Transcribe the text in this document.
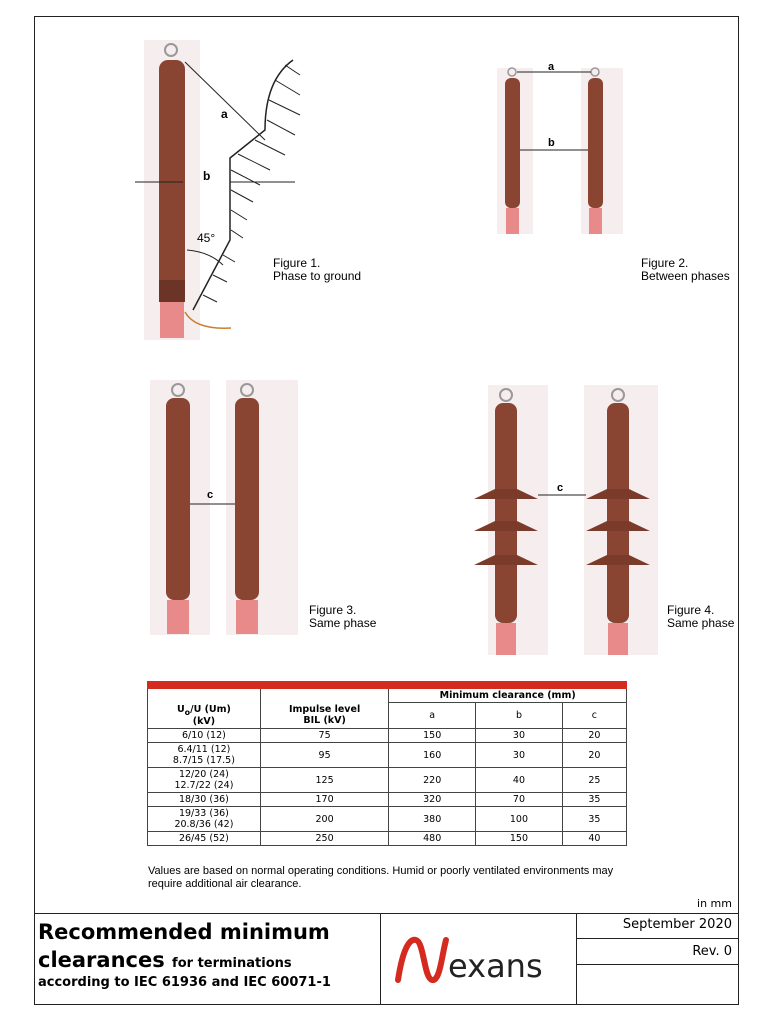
a
b
45°
Figure 1.
Phase to ground
a
b
Figure 2.
Between phases
c
Figure 3.
Same phase
c
Figure 4.
Same phase

		Minimum clearance (mm)		
$U_o/U$ (Um)
(kV)	Impulse level
BIL (kV)	a	b	c

6/10 (12)	75	150	30	20

6.4/11 (12)
8.7/15 (17.5)	95	160	30	20

12/20 (24)
12.7/22 (24)	125	220	40	25

18/30 (36)	170	320	70	35

19/33 (36)
20.8/36 (42)	200	380	100	35

26/45 (52)	250	480	150	40
Values are based on normal operating conditions. Humid or poorly ventilated environments may require additional air clearance.
in mm
Recommended minimum
clearances for terminations
according to IEC 61936 and IEC 60071-1	exans
September 2020
Rev. 0
